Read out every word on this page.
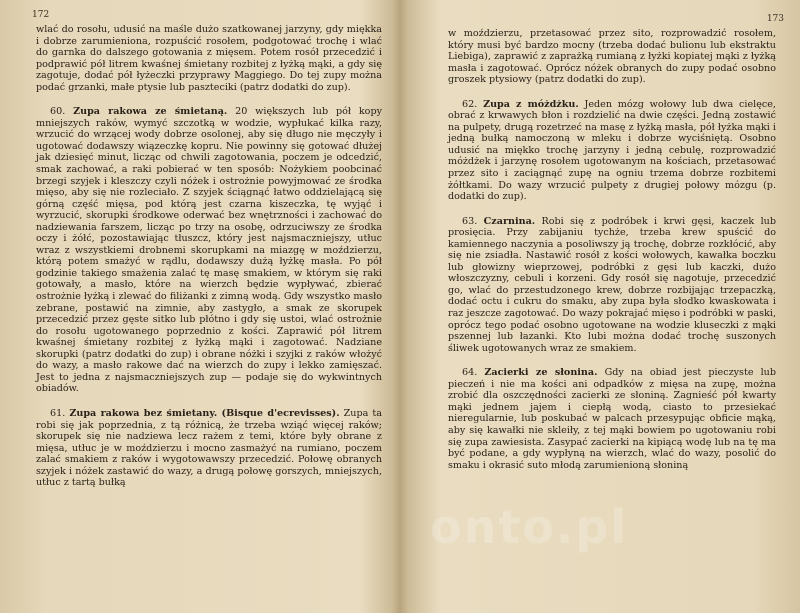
172

wlać do rosołu, udusić na maśle dużo szatkowanej jarzyny, gdy miękka i dobrze zarumieniona, rozpuścić rosołem, podgotować trochę i wlać do garnka do dalszego gotowania z mięsem. Potem rosół przecedzić i podprawić pół litrem kwaśnej śmietany rozbitej z łyżką mąki, a gdy się zagotuje, dodać pół łyżeczki przyprawy Maggiego. Do tej zupy można podać grzanki, małe ptysie lub paszteciki (patrz dodatki do zup).

60. Zupa rakowa ze śmietaną. 20 większych lub pół kopy mniejszych raków, wymyć szczotką w wodzie, wypłukać kilka razy, wrzucić do wrzącej wody dobrze osolonej, aby się długo nie męczyły i ugotować dodawszy wiązeczkę kopru. Nie powinny się gotować dłużej jak dziesięć minut, licząc od chwili zagotowania, poczem je odcedzić, smak zachować, a raki pobierać w ten sposób: Nożykiem poobcinać brzegi szyjek i kleszczy czyli nóżek i ostrożnie powyjmować ze środka mięso, aby się nie rozleciało. Z szyjek ściągnąć łatwo oddzielającą się górną część mięsa, pod którą jest czarna kiszeczka, tę wyjąć i wyrzucić, skorupki środkowe oderwać bez wnętrzności i zachować do nadziewania farszem, licząc po trzy na osobę, odrzuciwszy ze środka oczy i żółć, pozostawiając tłuszcz, który jest najsmaczniejszy, utłuc wraz z wszystkiemi drobnemi skorupkami na miazgę w moździerzu, którą potem smażyć w rądlu, dodawszy dużą łyżkę masła. Po pół godzinie takiego smażenia zalać tę masę smakiem, w którym się raki gotowały, a masło, które na wierzch będzie wypływać, zbierać ostrożnie łyżką i zlewać do filiżanki z zimną wodą. Gdy wszystko masło zebrane, postawić na zimnie, aby zastygło, a smak ze skorupek przecedzić przez gęste sitko lub płótno i gdy się ustoi, wlać ostrożnie do rosołu ugotowanego poprzednio z kości. Zaprawić pół litrem kwaśnej śmietany rozbitej z łyżką mąki i zagotować. Nadziane skorupki (patrz dodatki do zup) i obrane nóżki i szyjki z raków włożyć do wazy, a masło rakowe dać na wierzch do zupy i lekko zamięszać. Jest to jedna z najsmaczniejszych zup — podaje się do wykwintnych obiadów.

61. Zupa rakowa bez śmietany. (Bisque d'ecrevisses). Zupa ta robi się jak poprzednia, z tą różnicą, że trzeba wziąć więcej raków; skorupek się nie nadziewa lecz rażem z temi, które były obrane z mięsa, utłuc je w moździerzu i mocno zasmażyć na rumiano, poczem zalać smakiem z raków i wygotowawszy przecedzić. Połowę obranych szyjek i nóżek zastawić do wazy, a drugą połowę gorszych, mniejszych, utłuc z tartą bułką

173

w moździerzu, przetasować przez sito, rozprowadzić rosołem, który musi być bardzo mocny (trzeba dodać bulionu lub ekstraktu Liebiga), zaprawić z zaprażką rumianą z łyżki kopiatej mąki z łyżką masła i zagotować. Oprócz nóżek obranych do zupy podać osobno groszek ptysiowy (patrz dodatki do zup).

62. Zupa z móżdżku. Jeden mózg wołowy lub dwa cielęce, obrać z krwawych błon i rozdzielić na dwie części. Jedną zostawić na pulpety, drugą rozetrzeć na masę z łyżką masła, pół łyżka mąki i jedną bułką namoczoną w mleku i dobrze wyciśniętą. Osobno udusić na miękko trochę jarzyny i jedną cebulę, rozprowadzić móżdżek i jarzynę rosołem ugotowanym na kościach, przetasować przez sito i zaciągnąć zupę na ogniu trzema dobrze rozbitemi żółtkami. Do wazy wrzucić pulpety z drugiej połowy mózgu (p. dodatki do zup).

63. Czarnina. Robi się z podróbek i krwi gęsi, kaczek lub prosięcia. Przy zabijaniu tychże, trzeba krew spuścić do kamiennego naczynia a posoliwszy ją trochę, dobrze rozkłócić, aby się nie zsiadła. Nastawić rosół z kości wołowych, kawałka boczku lub głowizny wieprzowej, podróbki z gęsi lub kaczki, dużo włoszczyzny, cebuli i korzeni. Gdy rosół się nagotuje, przecedzić go, wlać do przestudzonego krew, dobrze rozbijając trzepaczką, dodać octu i cukru do smaku, aby zupa była słodko kwaskowata i raz jeszcze zagotować. Do wazy pokrajać mięso i podróbki w paski, oprócz tego podać osobno ugotowane na wodzie kluseczki z mąki pszennej lub łazanki. Kto lubi można dodać trochę suszonych śliwek ugotowanych wraz ze smakiem.

64. Zacierki ze słonina. Gdy na obiad jest pieczyste lub pieczeń i nie ma kości ani odpadków z mięsa na zupę, można zrobić dla oszczędności zacierki ze słoniną. Zagnieść pół kwarty mąki jednem jajem i ciepłą wodą, ciasto to przesiekać nieregularnie, lub poskubać w palcach przesypując obficie mąką, aby się kawałki nie skleiły, z tej mąki bowiem po ugotowaniu robi się zupa zawiesista. Zasypać zacierki na kipiącą wodę lub na tę ma być podane, a gdy wypłyną na wierzch, wlać do wazy, posolić do smaku i okrasić suto młodą zarumienioną słoniną

onto.pl
